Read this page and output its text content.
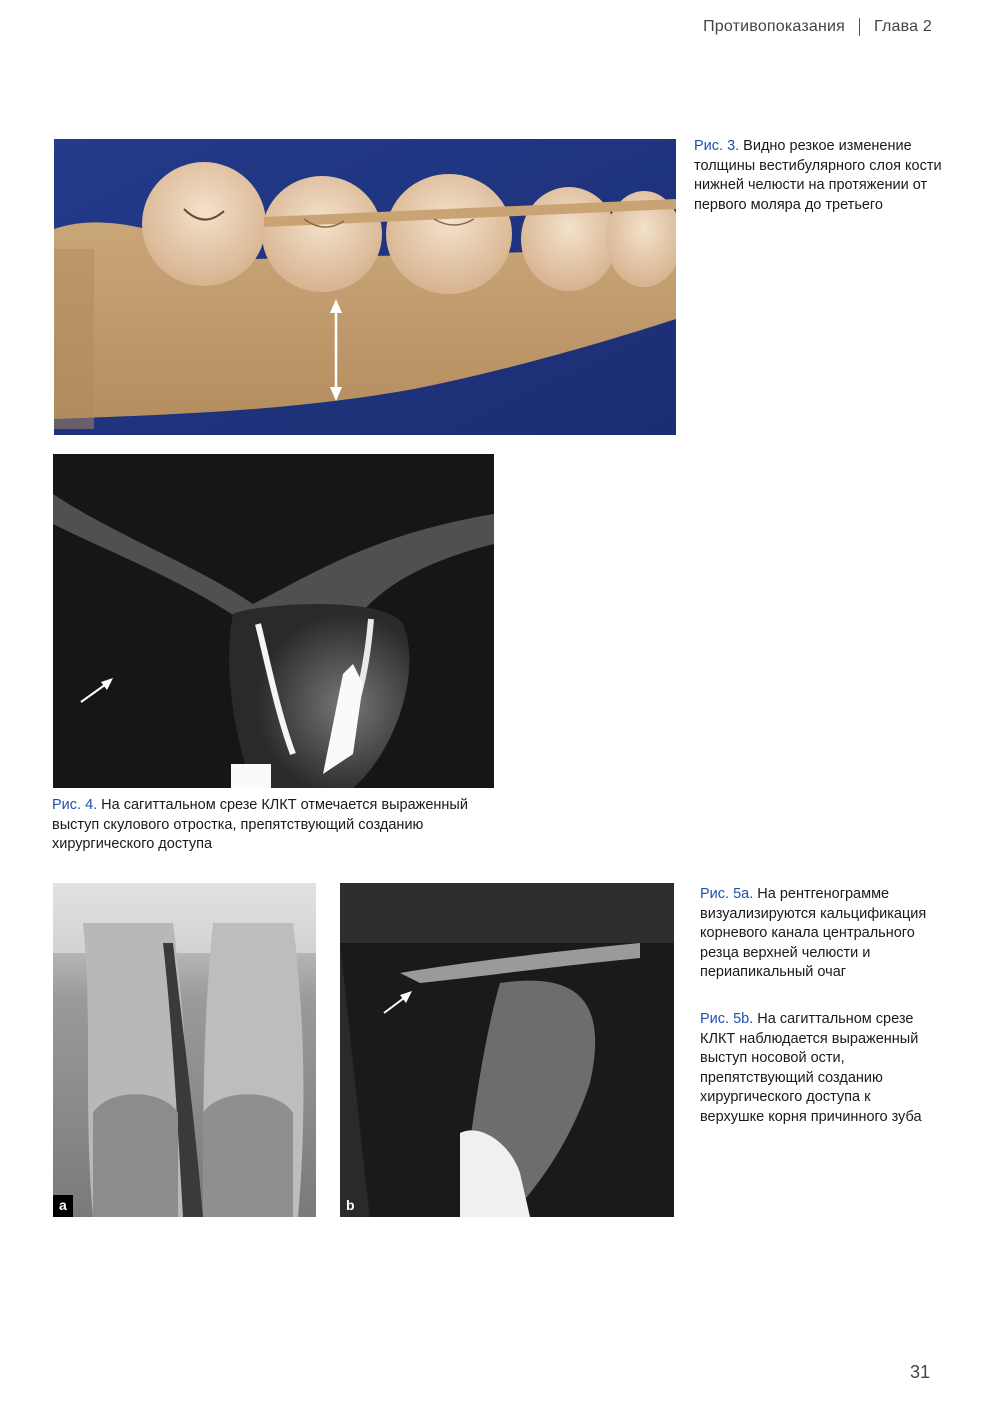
Противопоказания Глава 2
Рис. 3. Видно резкое изменение толщины вестибулярного слоя кости нижней челюсти на протяжении от первого моляра до третьего
Рис. 4. На сагиттальном срезе КЛКТ отмечается выраженный выступ скулового отростка, препятствующий созданию хирургического доступа
a	b
Рис. 5a. На рентгенограмме визуализируются кальцификация корневого канала центрального резца верхней челюсти и периапикальный очаг
Рис. 5b. На сагиттальном срезе КЛКТ наблюдается выраженный выступ носовой ости, препятствующий созданию хирургического доступа к верхушке корня причинного зуба
31
